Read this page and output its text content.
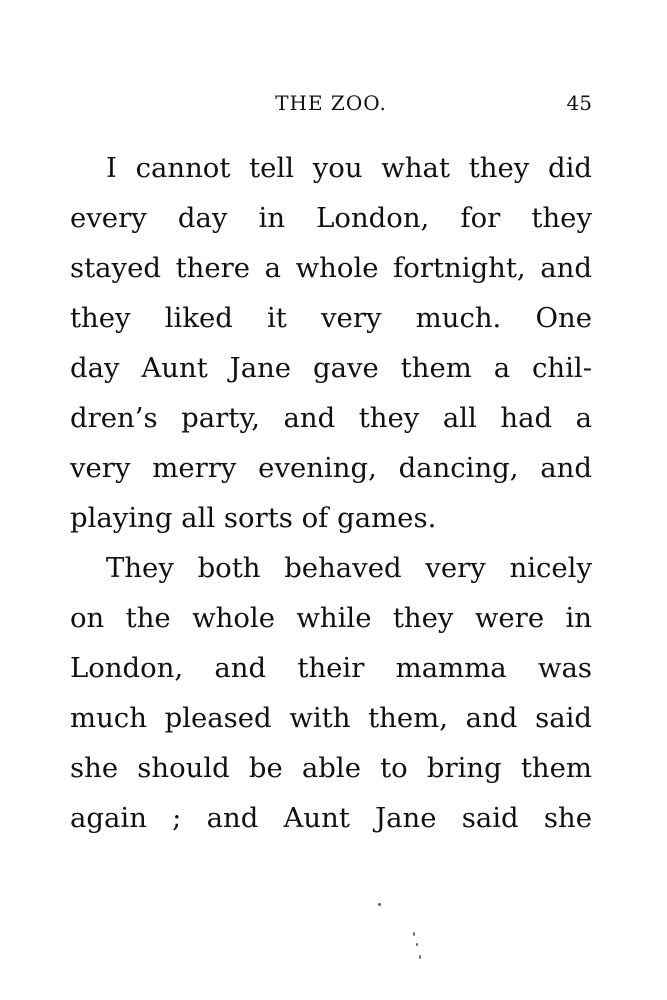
THE ZOO.	45
I cannot tell you what they did
every day in London, for they
stayed there a whole fortnight, and
they liked it very much. One
day Aunt Jane gave them a chil-
dren’s party, and they all had a
very merry evening, dancing, and
playing all sorts of games.
They both behaved very nicely
on the whole while they were in
London, and their mamma was
much pleased with them, and said
she should be able to bring them
again ; and Aunt Jane said she
